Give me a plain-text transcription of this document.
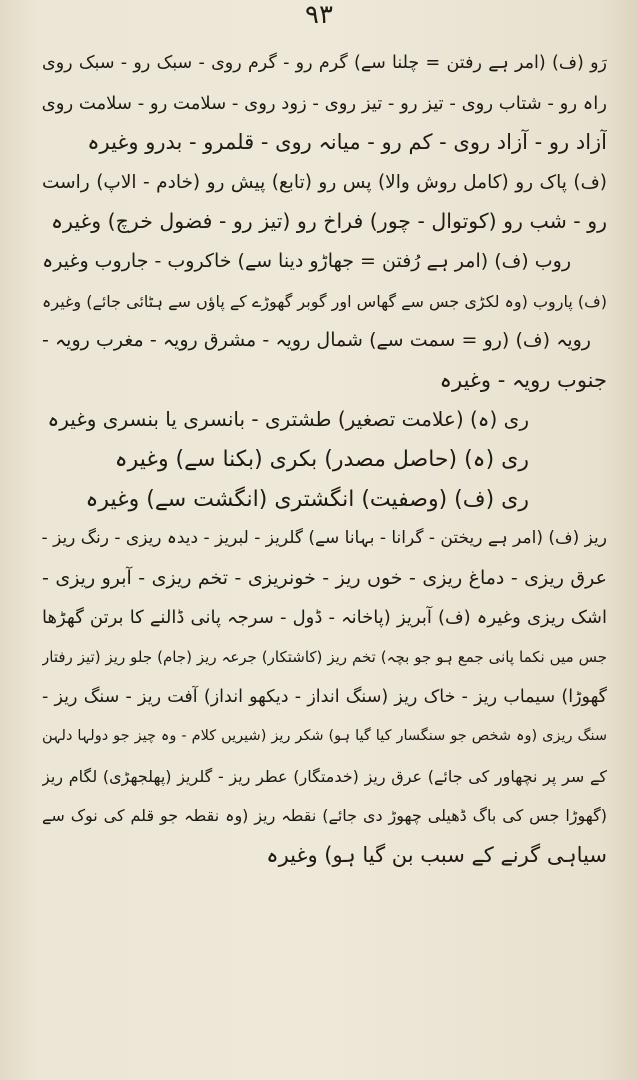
۹۳
رَو (ف) (امر ہے رفتن = چلنا سے) گرم رو - گرم روی - سبک رو - سبک روی
راہ رو - شتاب روی - تیز رو - تیز روی - زود روی - سلامت رو - سلامت روی
آزاد رو - آزاد روی - کم رو - میانہ روی - قلمرو - بدرو وغیرہ
(ف) پاک رو (کامل روش والا) پس رو (تابع) پیش رو (خادم - الاپ) راست
رو - شب رو (کوتوال - چور) فراخ رو (تیز رو - فضول خرچ) وغیرہ
روب (ف) (امر ہے رُفتن = جھاڑو دینا سے) خاکروب - جاروب وغیرہ
(ف) پاروب (وہ لکڑی جس سے گھاس اور گوبر گھوڑے کے پاؤں سے ہٹائی جائے) وغیرہ
رویہ (ف) (رو = سمت سے) شمال رویہ - مشرق رویہ - مغرب رویہ -
جنوب رویہ - وغیرہ
ری (ہ) (علامت تصغیر) طشتری - بانسری یا بنسری وغیرہ
ری (ہ) (حاصل مصدر) بکری (بکنا سے) وغیرہ
ری (ف) (وصفیت) انگشتری (انگشت سے) وغیرہ
ریز (ف) (امر ہے ریختن - گرانا - بہانا سے) گلریز - لبریز - دیدہ ریزی - رنگ ریز -
عرق ریزی - دماغ ریزی - خوں ریز - خونریزی - تخم ریزی - آبرو ریزی -
اشک ریزی وغیرہ (ف) آبریز (پاخانہ - ڈول - سرجہ پانی ڈالنے کا برتن گھڑھا
جس میں نکما پانی جمع ہو جو بچہ) تخم ریز (کاشتکار) جرعہ ریز (جام) جلو ریز (تیز رفتار
گھوڑا) سیماب ریز - خاک ریز (سنگ انداز - دیکھو انداز) آفت ریز - سنگ ریز -
سنگ ریزی (وہ شخص جو سنگسار کیا گیا ہو) شکر ریز (شیریں کلام - وہ چیز جو دولہا دلہن
کے سر پر نچھاور کی جائے) عرق ریز (خدمتگار) عطر ریز - گلریز (پھلجھڑی) لگام ریز
(گھوڑا جس کی باگ ڈھیلی چھوڑ دی جائے) نقطہ ریز (وہ نقطہ جو قلم کی نوک سے
سیاہی گرنے کے سبب بن گیا ہو) وغیرہ
